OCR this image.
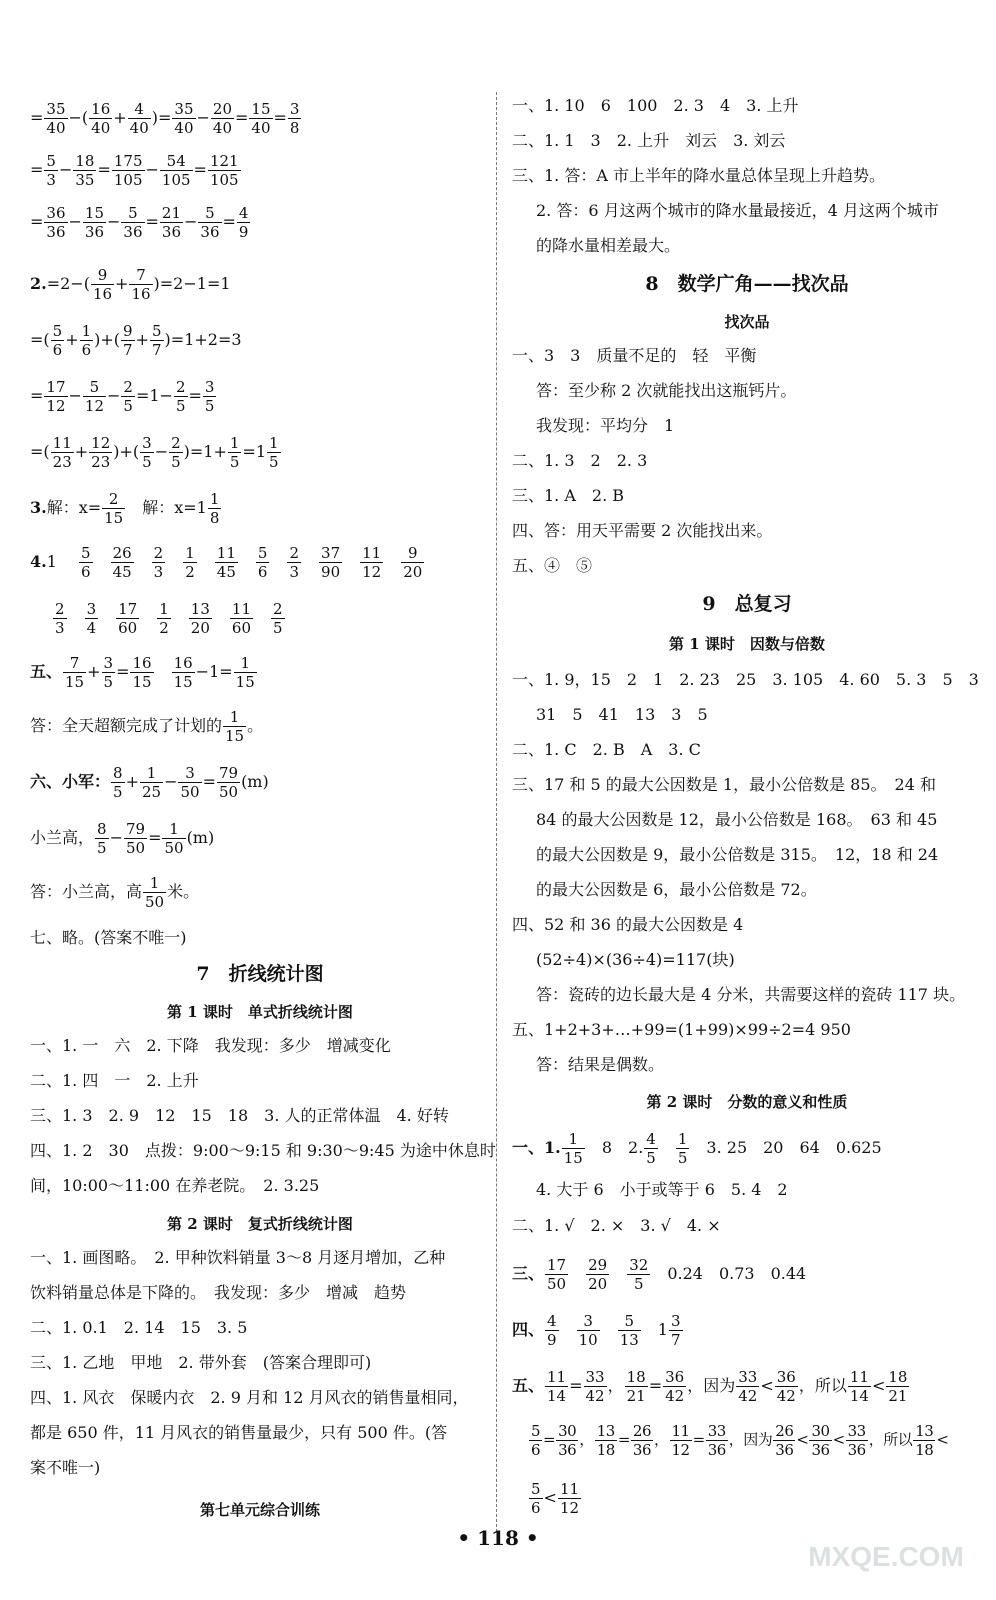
= $\frac{35}{40}$ −( $\frac{16}{40} + \frac{4}{40}$ )= $\frac{35}{40} - \frac{20}{40} = \frac{15}{40} = \frac{3}{8}$
= $\frac{5}{3} - \frac{18}{35} = \frac{175}{105} - \frac{54}{105} = \frac{121}{105}$
= $\frac{36}{36} - \frac{15}{36} - \frac{5}{36} = \frac{21}{36} - \frac{5}{36} = \frac{4}{9}$
$2.=2-( \frac{9}{16} + \frac{7}{16} )=2-1=1$
=( $\frac{5}{6} + \frac{1}{6}$ )+( $\frac{9}{7} + \frac{5}{7} )=1+2=3$
= $\frac{17}{12} - \frac{5}{12} - \frac{2}{5} =1- \frac{2}{5} = \frac{3}{5}$
=( $\frac{11}{23} + \frac{12}{23}$ )+( $\frac{3}{5} - \frac{2}{5} )=1+ \frac{1}{5} =1 \frac{1}{5}$
3.解：$x= \frac{2}{15}$
　 解：$x=1 \frac{1}{8}$
4.1 　 $\frac{5}{6}$
　 $\frac{26}{45}$
　 $\frac{2}{3}$
　 $\frac{1}{2}$
　 $\frac{11}{45}$
　 $\frac{5}{6}$
　 $\frac{2}{3}$
　 $\frac{37}{90}$
　 $\frac{11}{12}$
　 $\frac{9}{20}$
$\frac{2}{3}$
　 $\frac{3}{4}$
　 $\frac{17}{60}$
　 $\frac{1}{2}$
　 $\frac{13}{20}$
　 $\frac{11}{60}$
　 $\frac{2}{5}$
五、 $\frac{7}{15} + \frac{3}{5} = \frac{16}{15}$
　 $\frac{16}{15} -1= \frac{1}{15}$
答：全天超额完成了计划的 $\frac{1}{15}$ 。
六、小军： $\frac{8}{5} + \frac{1}{25} - \frac{3}{50} = \frac{79}{50} (m)$
小兰高， $\frac{8}{5} - \frac{79}{50} = \frac{1}{50} (m)$
答：小兰高，高 $\frac{1}{50}$ 米。
七、略。(答案不唯一)
7　折线统计图
第 1 课时　单式折线统计图
一、1. 一　六　2. 下降　我发现：多少　增减变化
二、1. 四　一　2. 上升
三、1. 3　2. 9　12　15　18　3. 人的正常体温　4. 好转
四、1. 2　30　点拨：9:00～9:15 和 9:30～9:45 为途中休息时
间，10:00～11:00 在养老院。　2. 3.25
第 2 课时　复式折线统计图
一、1. 画图略。　2. 甲种饮料销量 3～8 月逐月增加，乙种
饮料销量总体是下降的。　我发现：多少　增减　趋势
二、1. 0.1　2. 14　15　3. 5
三、1. 乙地　甲地　2. 带外套　(答案合理即可)
四、1. 风衣　保暖内衣　2. 9 月和 12 月风衣的销售量相同，
都是 650 件，11 月风衣的销售量最少，只有 500 件。(答
案不唯一)
第七单元综合训练
一、1. 10　6　100　2. 3　4　3. 上升
二、1. 1　3　2. 上升　刘云　3. 刘云
三、1. 答：A 市上半年的降水量总体呈现上升趋势。
2. 答：6 月这两个城市的降水量最接近，4 月这两个城市
的降水量相差最大。
8　数学广角——找次品
找次品
一、3　3　质量不足的　轻　平衡
答：至少称 2 次就能找出这瓶钙片。
我发现：平均分　1
二、1. 3　2　2. 3
三、1. A　2. B
四、答：用天平需要 2 次能找出来。
五、④　⑤
9　总复习
第 1 课时　因数与倍数
一、1. 9，15　2　1　2. 23　25　3. 105　4. 60　5. 3　5　3
31　5　41　13　3　5
二、1. C　2. B　A　3. C
三、17 和 5 的最大公因数是 1，最小公倍数是 85。　24 和
84 的最大公因数是 12，最小公倍数是 168。　63 和 45
的最大公因数是 9，最小公倍数是 315。　12，18 和 24
的最大公因数是 6，最小公倍数是 72。
四、52 和 36 的最大公因数是 4
(52÷4)×(36÷4)=117(块)
答：瓷砖的边长最大是 4 分米，共需要这样的瓷砖 117 块。
五、1+2+3+…+99=(1+99)×99÷2=4 950
答：结果是偶数。
第 2 课时　分数的意义和性质
一、1. $\frac{1}{15}$
　 8　2. $\frac{4}{5}$
　 $\frac{1}{5}$
　 3. 25　20　64　0.625
4. 大于 6　小于或等于 6　5. 4　2
二、1. √　2. ×　3. √　4. ×
三、 $\frac{17}{50}$
　 $\frac{29}{20}$
　 $\frac{32}{5}$
　 0.24　0.73　0.44
四、 $\frac{4}{9}$
　 $\frac{3}{10}$
　 $\frac{5}{13}$
　 $1 \frac{3}{7}$
五、 $\frac{11}{14} = \frac{33}{42}$ ， $\frac{18}{21} = \frac{36}{42}$ ，因为 $\frac{33}{42} < \frac{36}{42}$ ，所以 $\frac{11}{14} < \frac{18}{21}$
$\frac{5}{6} = \frac{30}{36}$ ， $\frac{13}{18} = \frac{26}{36}$ ， $\frac{11}{12} = \frac{33}{36}$ ，因为 $\frac{26}{36} < \frac{30}{36} < \frac{33}{36}$ ，所以 $\frac{13}{18}$ <
$\frac{5}{6} < \frac{11}{12}$
• 118 •
MXQE.COM
